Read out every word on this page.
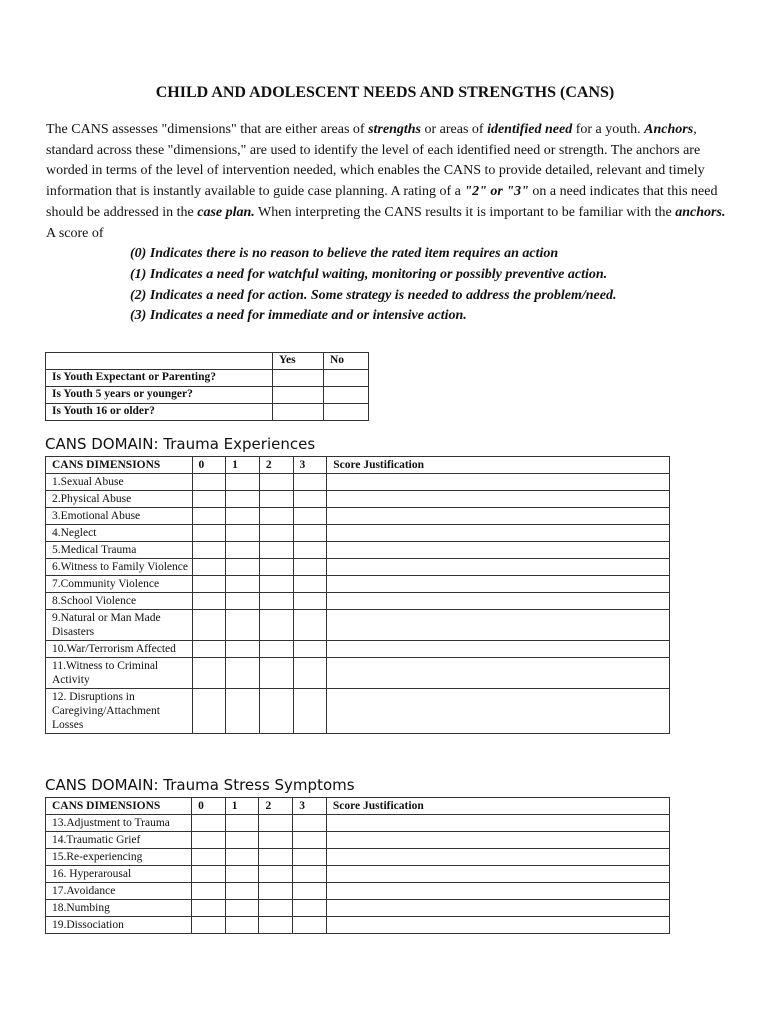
CHILD AND ADOLESCENT NEEDS AND STRENGTHS (CANS)

The CANS assesses "dimensions" that are either areas of strengths or areas of identified need for a youth. Anchors, standard across these "dimensions," are used to identify the level of each identified need or strength. The anchors are worded in terms of the level of intervention needed, which enables the CANS to provide detailed, relevant and timely information that is instantly available to guide case planning. A rating of a "2" or "3" on a need indicates that this need should be addressed in the case plan. When interpreting the CANS results it is important to be familiar with the anchors. A score of

(0) Indicates there is no reason to believe the rated item requires an action
(1) Indicates a need for watchful waiting, monitoring or possibly preventive action.
(2) Indicates a need for action. Some strategy is needed to address the problem/need.
(3) Indicates a need for immediate and or intensive action.
	Yes	No
Is Youth Expectant or Parenting?		
Is Youth 5 years or younger?		
Is Youth 16 or older?		
CANS DOMAIN: Trauma Experiences
CANS DIMENSIONS	0	1	2	3	Score Justification
1.Sexual Abuse					
2.Physical Abuse					
3.Emotional Abuse					
4.Neglect					
5.Medical Trauma					
6.Witness to Family Violence					
7.Community Violence					
8.School Violence					
9.Natural or Man Made Disasters					
10.War/Terrorism Affected					
11.Witness to Criminal Activity					
12. Disruptions in Caregiving/Attachment Losses					
CANS DOMAIN: Trauma Stress Symptoms
CANS DIMENSIONS	0	1	2	3	Score Justification
13.Adjustment to Trauma					
14.Traumatic Grief					
15.Re-experiencing					
16. Hyperarousal					
17.Avoidance					
18.Numbing					
19.Dissociation					
